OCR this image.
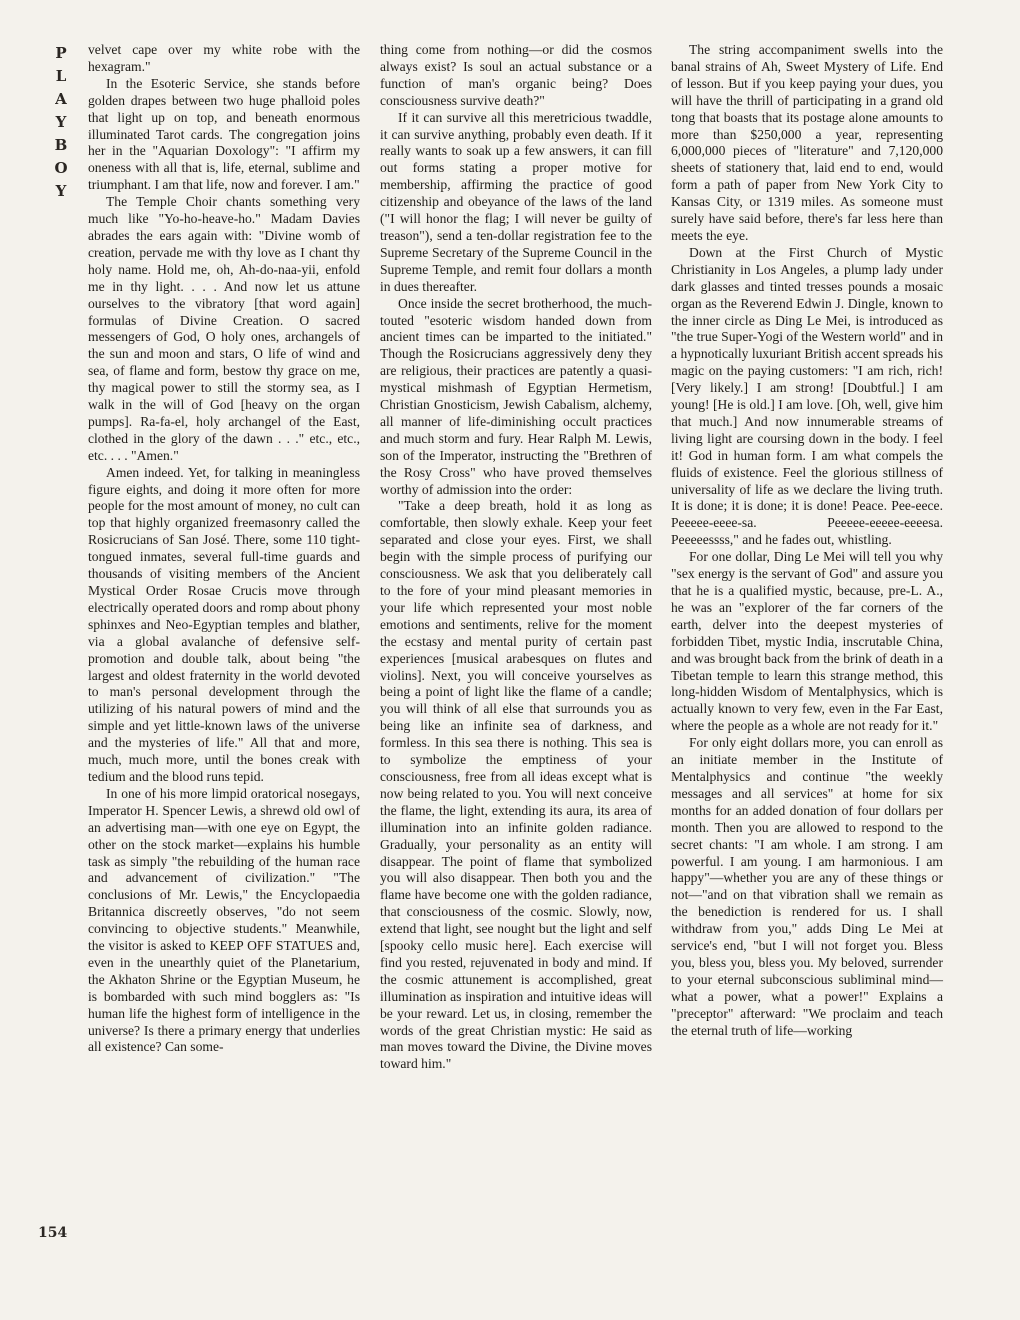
P
L
A
Y
B
O
Y

velvet cape over my white robe with the hexagram."

In the Esoteric Service, she stands before golden drapes between two huge phalloid poles that light up on top, and beneath enormous illuminated Tarot cards. The congregation joins her in the "Aquarian Doxology": "I affirm my oneness with all that is, life, eternal, sublime and triumphant. I am that life, now and forever. I am."

The Temple Choir chants something very much like "Yo-ho-heave-ho." Madam Davies abrades the ears again with: "Divine womb of creation, pervade me with thy love as I chant thy holy name. Hold me, oh, Ah-do-naa-yii, enfold me in thy light. . . . And now let us attune ourselves to the vibratory [that word again] formulas of Divine Creation. O sacred messengers of God, O holy ones, archangels of the sun and moon and stars, O life of wind and sea, of flame and form, bestow thy grace on me, thy magical power to still the stormy sea, as I walk in the will of God [heavy on the organ pumps]. Ra-fa-el, holy archangel of the East, clothed in the glory of the dawn . . ." etc., etc., etc. . . . "Amen."

Amen indeed. Yet, for talking in meaningless figure eights, and doing it more often for more people for the most amount of money, no cult can top that highly organized freemasonry called the Rosicrucians of San José. There, some 110 tight-tongued inmates, several full-time guards and thousands of visiting members of the Ancient Mystical Order Rosae Crucis move through electrically operated doors and romp about phony sphinxes and Neo-Egyptian temples and blather, via a global avalanche of defensive self-promotion and double talk, about being "the largest and oldest fraternity in the world devoted to man's personal development through the utilizing of his natural powers of mind and the simple and yet little-known laws of the universe and the mysteries of life." All that and more, much, much more, until the bones creak with tedium and the blood runs tepid.

In one of his more limpid oratorical nosegays, Imperator H. Spencer Lewis, a shrewd old owl of an advertising man—with one eye on Egypt, the other on the stock market—explains his humble task as simply "the rebuilding of the human race and advancement of civilization." "The conclusions of Mr. Lewis," the Encyclopaedia Britannica discreetly observes, "do not seem convincing to objective students." Meanwhile, the visitor is asked to KEEP OFF STATUES and, even in the unearthly quiet of the Planetarium, the Akhaton Shrine or the Egyptian Museum, he is bombarded with such mind bogglers as: "Is human life the highest form of intelligence in the universe? Is there a primary energy that underlies all existence? Can some-

thing come from nothing—or did the cosmos always exist? Is soul an actual substance or a function of man's organic being? Does consciousness survive death?"

If it can survive all this meretricious twaddle, it can survive anything, probably even death. If it really wants to soak up a few answers, it can fill out forms stating a proper motive for membership, affirming the practice of good citizenship and obeyance of the laws of the land ("I will honor the flag; I will never be guilty of treason"), send a ten-dollar registration fee to the Supreme Secretary of the Supreme Council in the Supreme Temple, and remit four dollars a month in dues thereafter.

Once inside the secret brotherhood, the much-touted "esoteric wisdom handed down from ancient times can be imparted to the initiated." Though the Rosicrucians aggressively deny they are religious, their practices are patently a quasi-mystical mishmash of Egyptian Hermetism, Christian Gnosticism, Jewish Cabalism, alchemy, all manner of life-diminishing occult practices and much storm and fury. Hear Ralph M. Lewis, son of the Imperator, instructing the "Brethren of the Rosy Cross" who have proved themselves worthy of admission into the order:

"Take a deep breath, hold it as long as comfortable, then slowly exhale. Keep your feet separated and close your eyes. First, we shall begin with the simple process of purifying our consciousness. We ask that you deliberately call to the fore of your mind pleasant memories in your life which represented your most noble emotions and sentiments, relive for the moment the ecstasy and mental purity of certain past experiences [musical arabesques on flutes and violins]. Next, you will conceive yourselves as being a point of light like the flame of a candle; you will think of all else that surrounds you as being like an infinite sea of darkness, and formless. In this sea there is nothing. This sea is to symbolize the emptiness of your consciousness, free from all ideas except what is now being related to you. You will next conceive the flame, the light, extending its aura, its area of illumination into an infinite golden radiance. Gradually, your personality as an entity will disappear. The point of flame that symbolized you will also disappear. Then both you and the flame have become one with the golden radiance, that consciousness of the cosmic. Slowly, now, extend that light, see nought but the light and self [spooky cello music here]. Each exercise will find you rested, rejuvenated in body and mind. If the cosmic attunement is accomplished, great illumination as inspiration and intuitive ideas will be your reward. Let us, in closing, remember the words of the great Christian mystic: He said as man moves toward the Divine, the Divine moves toward him."

The string accompaniment swells into the banal strains of Ah, Sweet Mystery of Life. End of lesson. But if you keep paying your dues, you will have the thrill of participating in a grand old tong that boasts that its postage alone amounts to more than $250,000 a year, representing 6,000,000 pieces of "literature" and 7,120,000 sheets of stationery that, laid end to end, would form a path of paper from New York City to Kansas City, or 1319 miles. As someone must surely have said before, there's far less here than meets the eye.

Down at the First Church of Mystic Christianity in Los Angeles, a plump lady under dark glasses and tinted tresses pounds a mosaic organ as the Reverend Edwin J. Dingle, known to the inner circle as Ding Le Mei, is introduced as "the true Super-Yogi of the Western world" and in a hypnotically luxuriant British accent spreads his magic on the paying customers: "I am rich, rich! [Very likely.] I am strong! [Doubtful.] I am young! [He is old.] I am love. [Oh, well, give him that much.] And now innumerable streams of living light are coursing down in the body. I feel it! God in human form. I am what compels the fluids of existence. Feel the glorious stillness of universality of life as we declare the living truth. It is done; it is done; it is done! Peace. Pee-eece. Peeeee-eeee-sa. Peeeee-eeeee-eeeesa. Peeeeessss," and he fades out, whistling.

For one dollar, Ding Le Mei will tell you why "sex energy is the servant of God" and assure you that he is a qualified mystic, because, pre-L. A., he was an "explorer of the far corners of the earth, delver into the deepest mysteries of forbidden Tibet, mystic India, inscrutable China, and was brought back from the brink of death in a Tibetan temple to learn this strange method, this long-hidden Wisdom of Mentalphysics, which is actually known to very few, even in the Far East, where the people as a whole are not ready for it."

For only eight dollars more, you can enroll as an initiate member in the Institute of Mentalphysics and continue "the weekly messages and all services" at home for six months for an added donation of four dollars per month. Then you are allowed to respond to the secret chants: "I am whole. I am strong. I am powerful. I am young. I am harmonious. I am happy"—whether you are any of these things or not—"and on that vibration shall we remain as the benediction is rendered for us. I shall withdraw from you," adds Ding Le Mei at service's end, "but I will not forget you. Bless you, bless you, bless you. My beloved, surrender to your eternal subconscious subliminal mind—what a power, what a power!" Explains a "preceptor" afterward: "We proclaim and teach the eternal truth of life—working

154
